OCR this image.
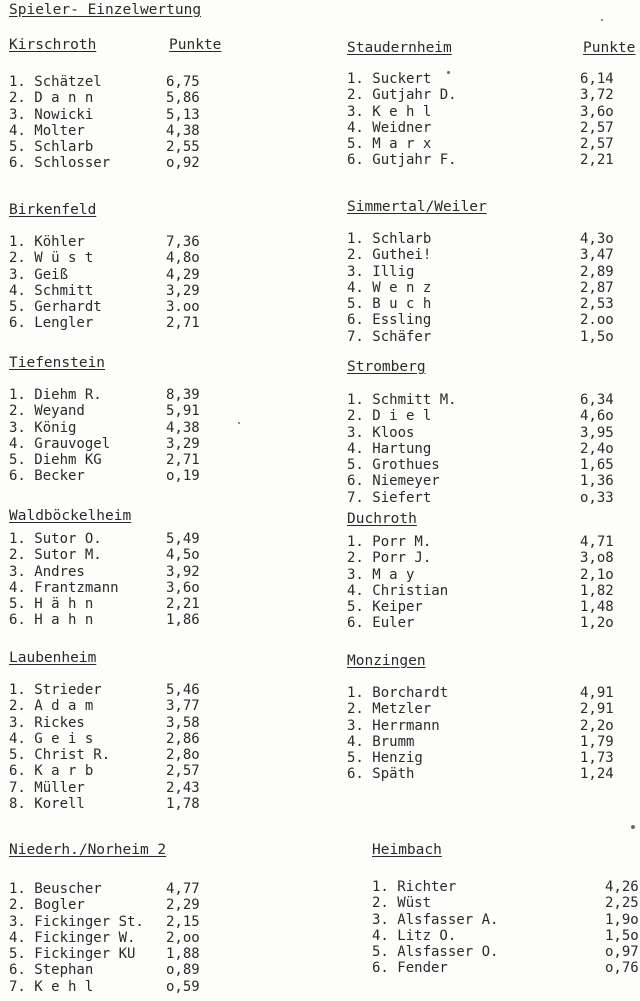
Spieler- Einzelwertung
Kirschroth	Punkte
1. Schätzel	6,75
2. D a n n	5,86
3. Nowicki	5,13
4. Molter	4,38
5. Schlarb	2,55
6. Schlosser	o,92
Staudernheim	Punkte
1. Suckert	6,14
2. Gutjahr D.	3,72
3. K e h l	3,6o
4. Weidner	2,57
5. M a r x	2,57
6. Gutjahr F.	2,21
Birkenfeld
1. Köhler	7,36
2. W ü s t	4,8o
3. Geiß	4,29
4. Schmitt	3,29
5. Gerhardt	3.oo
6. Lengler	2,71
Simmertal/Weiler
1. Schlarb	4,3o
2. Guthei!	3,47
3. Illig	2,89
4. W e n z	2,87
5. B u c h	2,53
6. Essling	2.oo
7. Schäfer	1,5o
Tiefenstein
1. Diehm R.	8,39
2. Weyand	5,91
3. König	4,38
4. Grauvogel	3,29
5. Diehm KG	2,71
6. Becker	o,19
Stromberg
1. Schmitt M.	6,34
2. D i e l	4,6o
3. Kloos	3,95
4. Hartung	2,4o
5. Grothues	1,65
6. Niemeyer	1,36
7. Siefert	o,33
Waldböckelheim
1. Sutor O.	5,49
2. Sutor M.	4,5o
3. Andres	3,92
4. Frantzmann	3,6o
5. H ä h n	2,21
6. H a h n	1,86
Duchroth
1. Porr M.	4,71
2. Porr J.	3,o8
3. M a y	2,1o
4. Christian	1,82
5. Keiper	1,48
6. Euler	1,2o
Laubenheim
1. Strieder	5,46
2. A d a m	3,77
3. Rickes	3,58
4. G e i s	2,86
5. Christ R.	2,8o
6. K a r b	2,57
7. Müller	2,43
8. Korell	1,78
Monzingen
1. Borchardt	4,91
2. Metzler	2,91
3. Herrmann	2,2o
4. Brumm	1,79
5. Henzig	1,73
6. Späth	1,24
Niederh./Norheim 2
1. Beuscher	4,77
2. Bogler	2,29
3. Fickinger St. 2,15
4. Fickinger W. 2,oo
5. Fickinger KU 1,88
6. Stephan	o,89
7. K e h l	o,59
Heimbach
1. Richter	4,26
2. Wüst	2,25
3. Alsfasser A.	1,9o
4. Litz O.	1,5o
5. Alsfasser O.	o,97
6. Fender	o,76
